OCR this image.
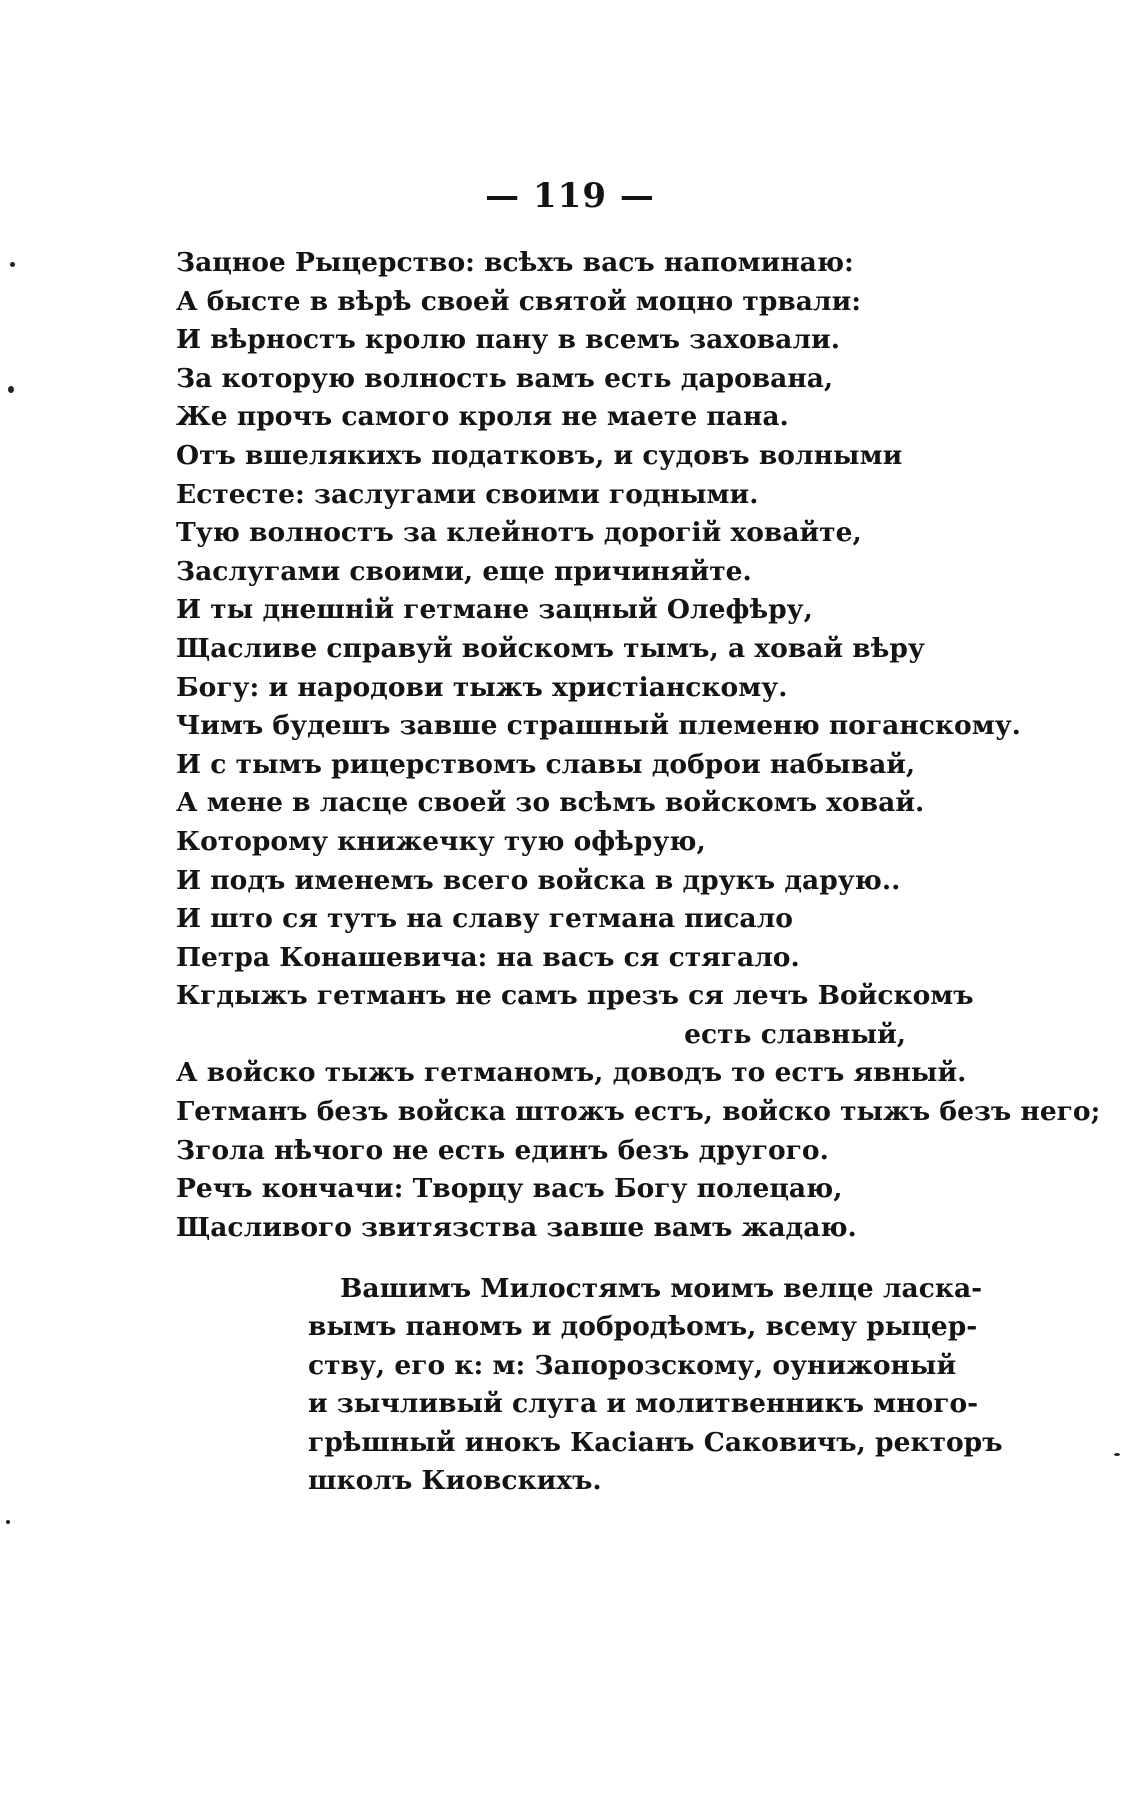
— 119 —
Зацное Рыцерство: всѣхъ васъ напоминаю:
А бысте в вѣрѣ своей святой моцно трвали:
И вѣрностъ кролю пану в всемъ заховали.
За которую волность вамъ есть дарована,
Же прочъ самого кроля не маете пана.
Отъ вшелякихъ податковъ, и судовъ волными
Естесте: заслугами своими годными.
Тую волностъ за клейнотъ дорогій ховайте,
Заслугами своими, еще причиняйте.
И ты днешній гетмане зацный Олефѣру,
Щасливе справуй войскомъ тымъ, а ховай вѣру
Богу: и народови тыжъ христіанскому.
Чимъ будешъ завше страшный племеню поганскому.
И с тымъ рицерствомъ славы доброи набывай,
А мене в ласце своей зо всѣмъ войскомъ ховай.
Которому книжечку тую офѣрую,
И подъ именемъ всего войска в друкъ дарую..
И што ся тутъ на славу гетмана писало
Петра Конашевича: на васъ ся стягало.
Кгдыжъ гетманъ не самъ презъ ся лечъ Войскомъ
есть славный,
А войско тыжъ гетманомъ, доводъ то естъ явный.
Гетманъ безъ войска штожъ естъ, войско тыжъ безъ него;
Згола нѣчого не есть единъ безъ другого.
Речъ кончачи: Творцу васъ Богу полецаю,
Щасливого звитязства завше вамъ жадаю.
Вашимъ Милостямъ моимъ велце ласка-
вымъ паномъ и добродѣомъ, всему рыцер-
ству, его к: м: Запорозскому, оунижоный
и зычливый слуга и молитвенникъ много-
грѣшный инокъ Касіанъ Саковичъ, ректоръ
школъ Киовскихъ.
